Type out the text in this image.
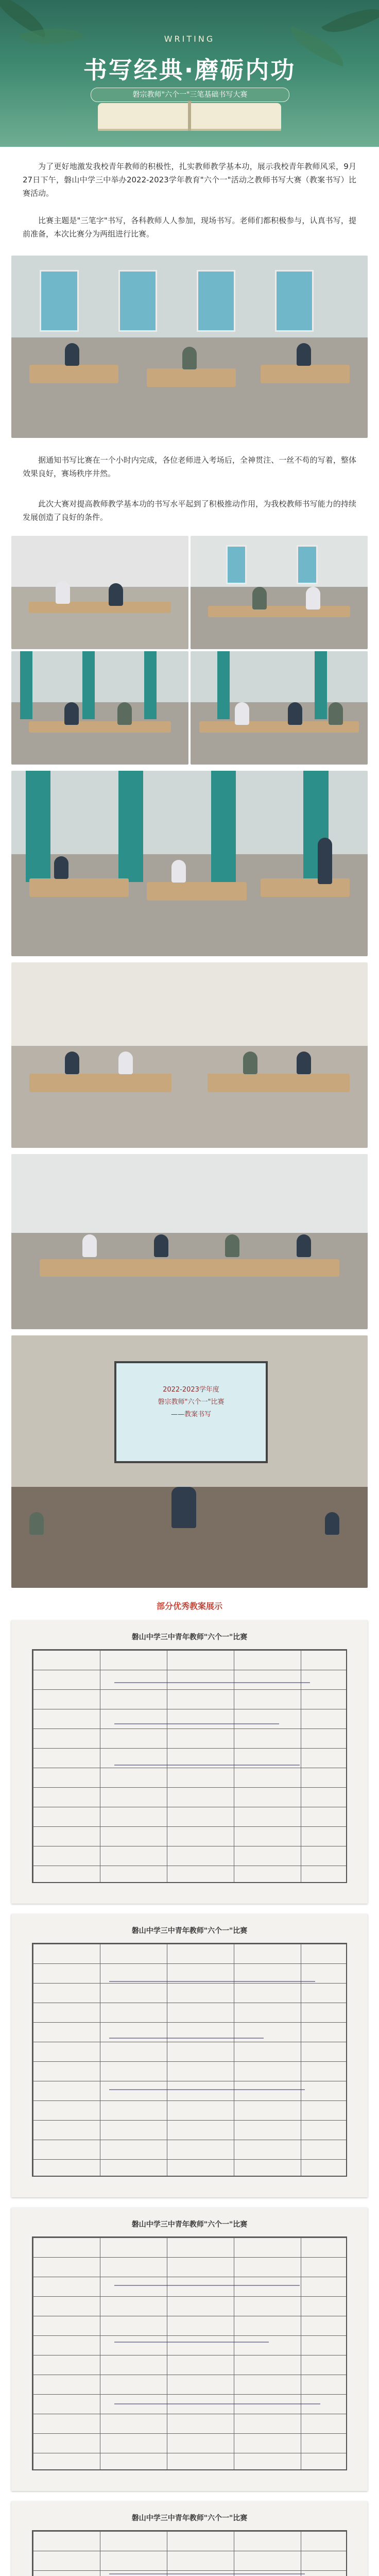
WRITING
书写经典·磨砺内功
磐宗教师"六个一"三笔基础书写大赛

为了更好地激发我校青年教师的积极性，扎实教师教学基本功，展示我校青年教师风采，9月27日下午，磐山中学三中举办2022-2023学年教育"六个一"活动之教师书写大赛（教案书写）比赛活动。

比赛主题是"三笔字"书写，各科教师人人参加，现场书写。老师们都积极参与，认真书写，提前准备，本次比赛分为两组进行比赛。

据通知书写比赛在一个小时内完成，各位老师进入考场后，全神贯注、一丝不苟的写着，整体效果良好，赛场秩序井然。

此次大赛对提高教师教学基本功的书写水平起到了积极推动作用，为我校教师书写能力的持续发展创造了良好的条件。

2022-2023学年度
磐宗教师"六个一"比赛
——教案书写
部分优秀教案展示
磐山中学三中青年教师"六个一"比赛
磐山中学三中青年教师"六个一"比赛
磐山中学三中青年教师"六个一"比赛
磐山中学三中青年教师"六个一"比赛
